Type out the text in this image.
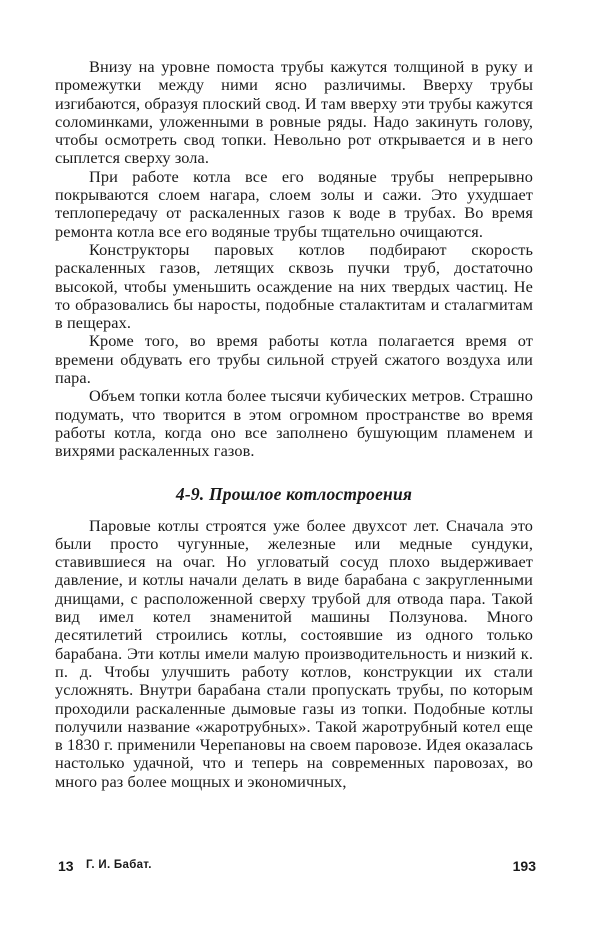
Внизу на уровне помоста трубы кажутся толщиной в руку и промежутки между ними ясно различимы. Вверху трубы изгибаются, образуя плоский свод. И там вверху эти трубы кажутся соломинками, уложенными в ровные ряды. Надо закинуть голову, чтобы осмотреть свод топки. Невольно рот открывается и в него сыплется сверху зола.

При работе котла все его водяные трубы непрерывно покрываются слоем нагара, слоем золы и сажи. Это ухудшает теплопередачу от раскаленных газов к воде в трубах. Во время ремонта котла все его водяные трубы тщательно очищаются.

Конструкторы паровых котлов подбирают скорость раскаленных газов, летящих сквозь пучки труб, достаточно высокой, чтобы уменьшить осаждение на них твердых частиц. Не то образовались бы наросты, подобные сталактитам и сталагмитам в пещерах.

Кроме того, во время работы котла полагается время от времени обдувать его трубы сильной струей сжатого воздуха или пара.

Объем топки котла более тысячи кубических метров. Страшно подумать, что творится в этом огромном пространстве во время работы котла, когда оно все заполнено бушующим пламенем и вихрями раскаленных газов.

4-9. Прошлое котлостроения

Паровые котлы строятся уже более двухсот лет. Сначала это были просто чугунные, железные или медные сундуки, ставившиеся на очаг. Но угловатый сосуд плохо выдерживает давление, и котлы начали делать в виде барабана с закругленными днищами, с расположенной сверху трубой для отвода пара. Такой вид имел котел знаменитой машины Ползунова. Много десятилетий строились котлы, состоявшие из одного только барабана. Эти котлы имели малую производительность и низкий к. п. д. Чтобы улучшить работу котлов, конструкции их стали усложнять. Внутри барабана стали пропускать трубы, по которым проходили раскаленные дымовые газы из топки. Подобные котлы получили название «жаротрубных». Такой жаротрубный котел еще в 1830 г. применили Черепановы на своем паровозе. Идея оказалась настолько удачной, что и теперь на современных паровозах, во много раз более мощных и экономичных,

13 Г. И. Бабат.	193
